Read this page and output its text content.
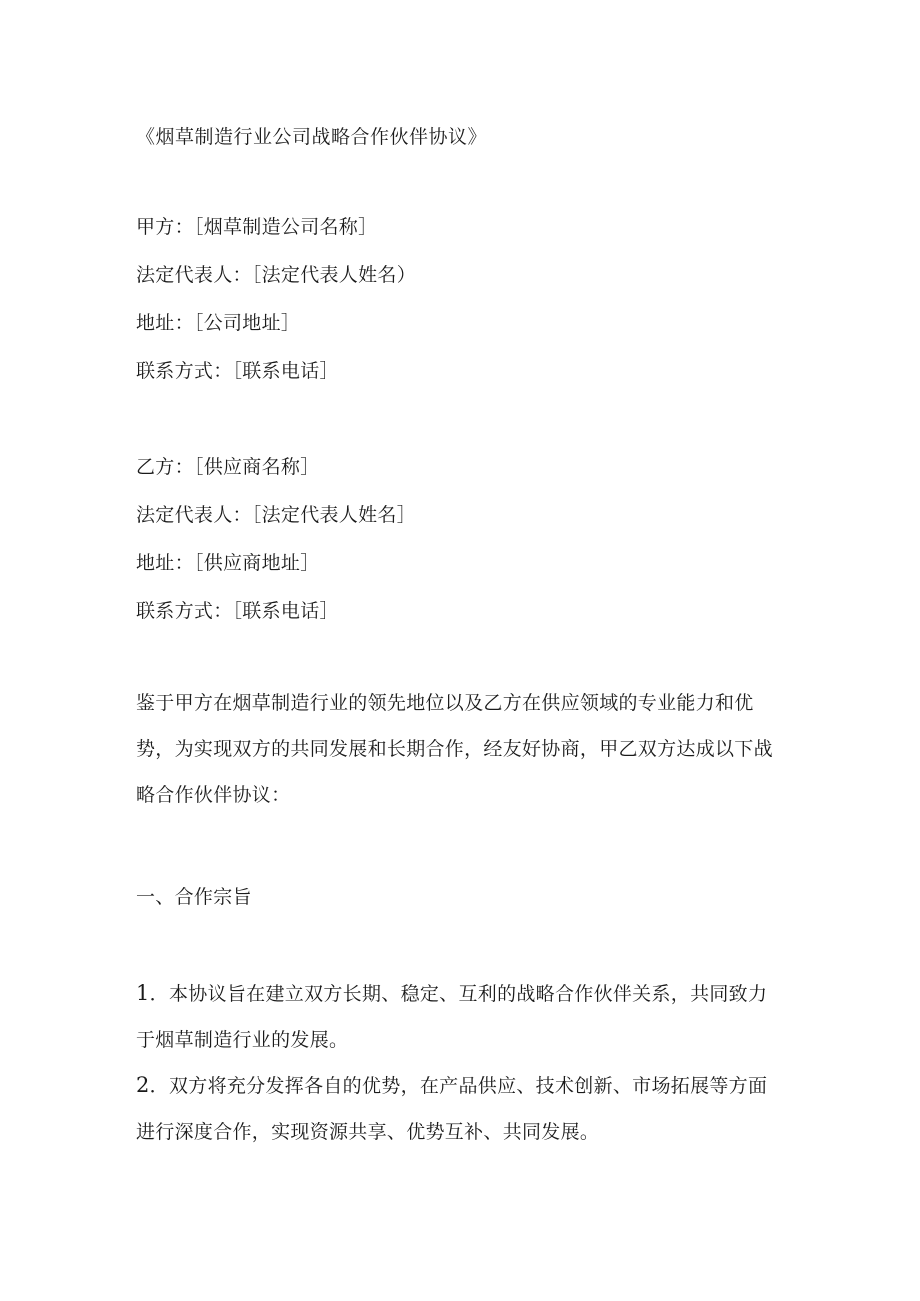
《烟草制造行业公司战略合作伙伴协议》
甲方：［烟草制造公司名称］
法定代表人：［法定代表人姓名）
地址：［公司地址］
联系方式：［联系电话］
乙方：［供应商名称］
法定代表人：［法定代表人姓名］
地址：［供应商地址］
联系方式：［联系电话］
鉴于甲方在烟草制造行业的领先地位以及乙方在供应领域的专业能力和优势，为实现双方的共同发展和长期合作，经友好协商，甲乙双方达成以下战略合作伙伴协议：
一、合作宗旨
1．本协议旨在建立双方长期、稳定、互利的战略合作伙伴关系，共同致力于烟草制造行业的发展。
2．双方将充分发挥各自的优势，在产品供应、技术创新、市场拓展等方面进行深度合作，实现资源共享、优势互补、共同发展。
